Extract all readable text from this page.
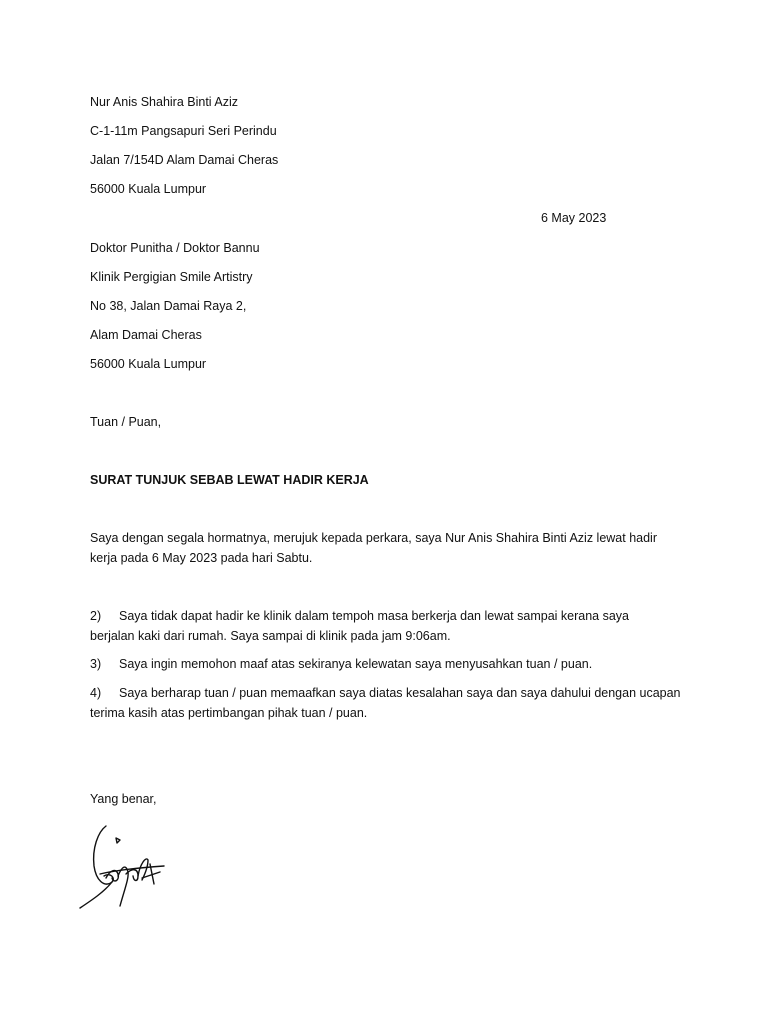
Nur Anis Shahira Binti Aziz
C-1-11m Pangsapuri Seri Perindu
Jalan 7/154D Alam Damai Cheras
56000 Kuala Lumpur
6 May 2023
Doktor Punitha / Doktor Bannu
Klinik Pergigian Smile Artistry
No 38, Jalan Damai Raya 2,
Alam Damai Cheras
56000 Kuala Lumpur
Tuan / Puan,
SURAT TUNJUK SEBAB LEWAT HADIR KERJA
Saya dengan segala hormatnya, merujuk kepada perkara, saya Nur Anis Shahira Binti Aziz lewat hadir
kerja pada 6 May 2023 pada hari Sabtu.
2) Saya tidak dapat hadir ke klinik dalam tempoh masa berkerja dan lewat sampai kerana saya
berjalan kaki dari rumah. Saya sampai di klinik pada jam 9:06am.
3) Saya ingin memohon maaf atas sekiranya kelewatan saya menyusahkan tuan / puan.
4) Saya berharap tuan / puan memaafkan saya diatas kesalahan saya dan saya dahului dengan ucapan
terima kasih atas pertimbangan pihak tuan / puan.
Yang benar,
